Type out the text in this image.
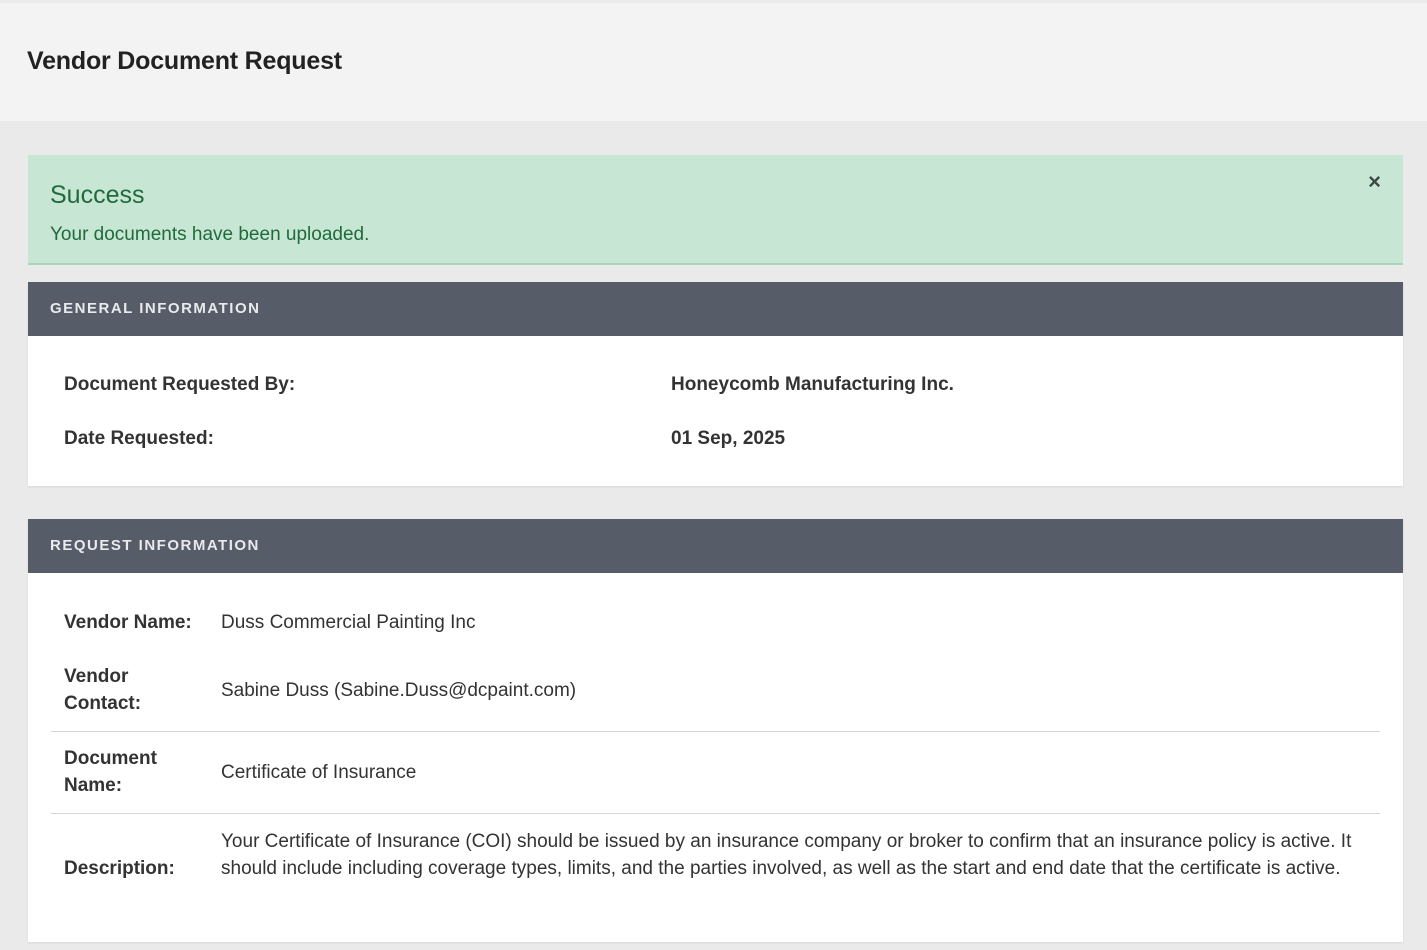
Vendor Document Request
Success
Your documents have been uploaded.
×
GENERAL INFORMATION
Document Requested By:	Honeycomb Manufacturing Inc.
Date Requested:	01 Sep, 2025
REQUEST INFORMATION
Vendor Name:	Duss Commercial Painting Inc
Vendor Contact:
Sabine Duss (Sabine.Duss@dcpaint.com)
Document Name:
Certificate of Insurance
Description:
Your Certificate of Insurance (COI) should be issued by an insurance company or broker to confirm that an insurance policy is active. It should include including coverage types, limits, and the parties involved, as well as the start and end date that the certificate is active.
